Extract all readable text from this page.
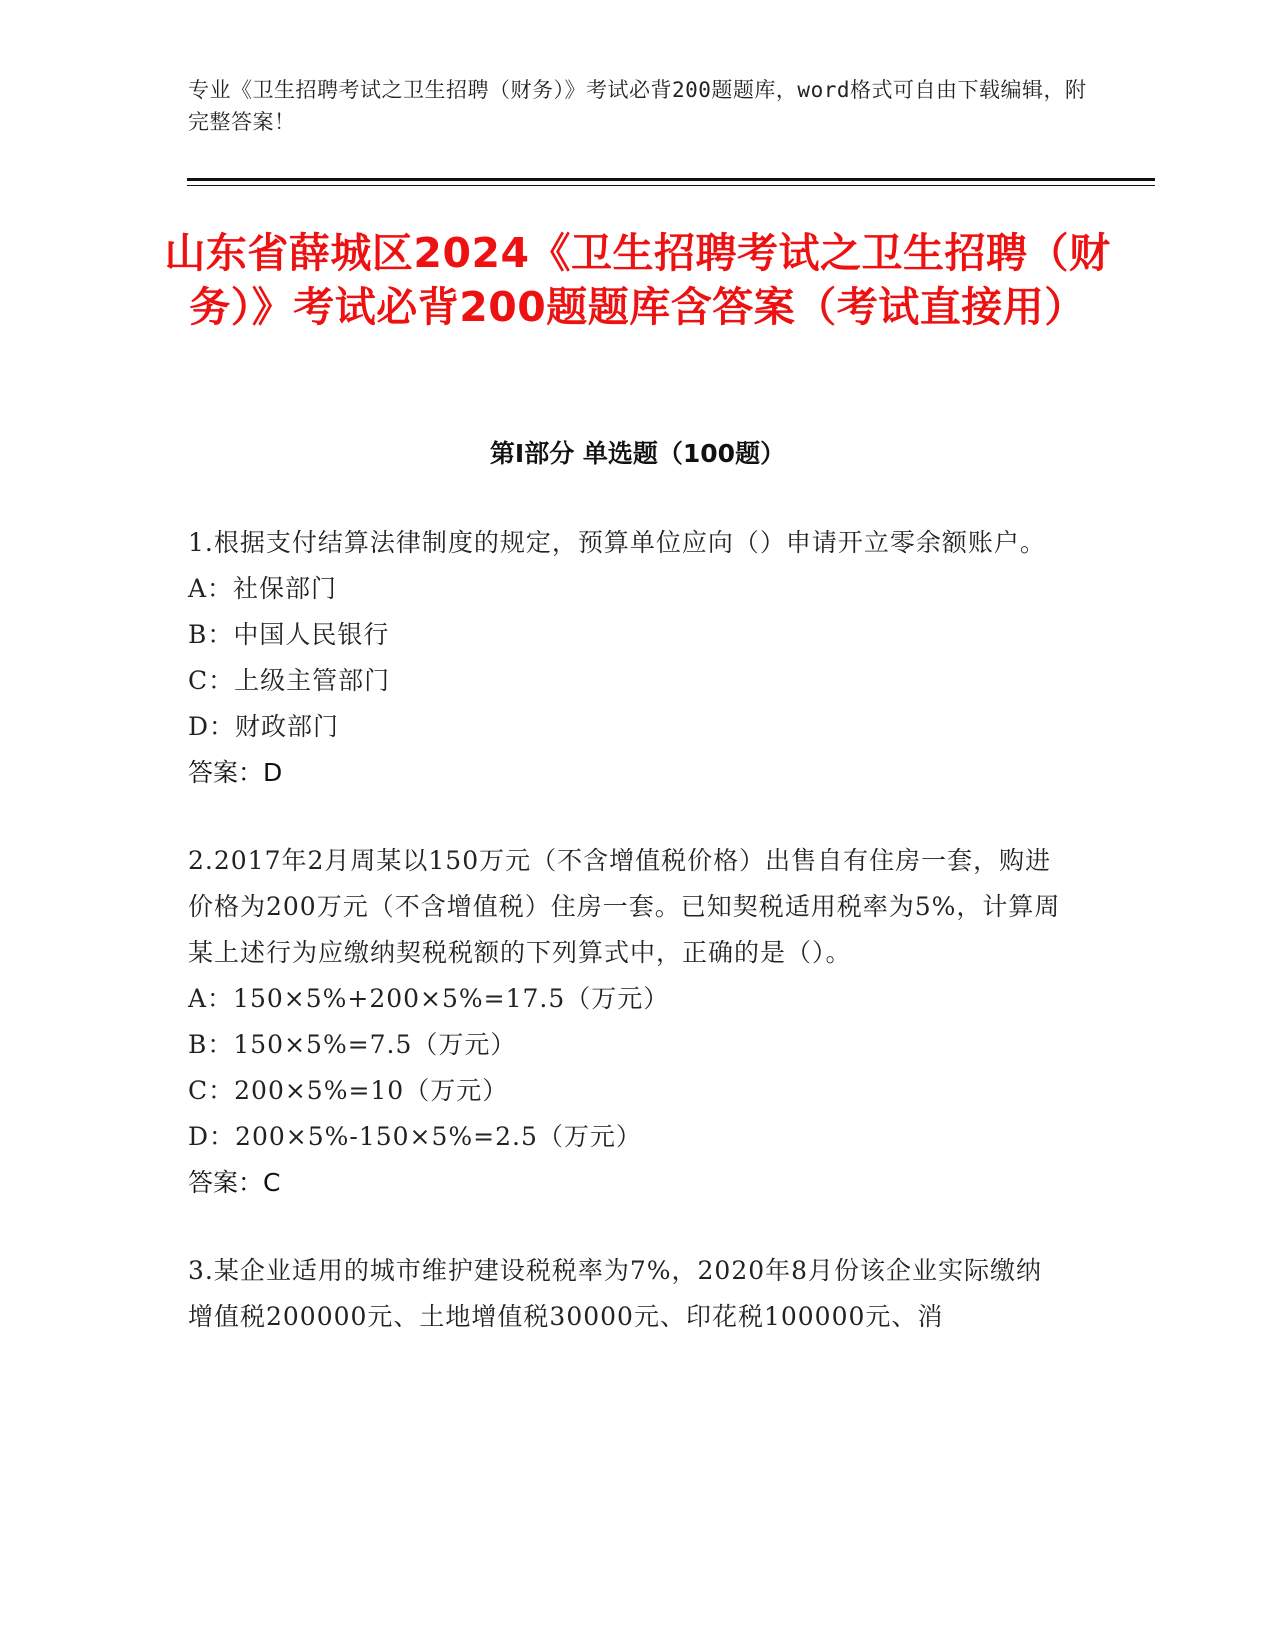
专业《卫生招聘考试之卫生招聘（财务）》考试必背200题题库，word格式可自由下载编辑，附完整答案！
山东省薛城区2024《卫生招聘考试之卫生招聘（财务）》考试必背200题题库含答案（考试直接用）
第Ⅰ部分 单选题（100题）

1.根据支付结算法律制度的规定，预算单位应向（）申请开立零余额账户。

A：社保部门

B：中国人民银行

C：上级主管部门

D：财政部门

答案：D

2.2017年2月周某以150万元（不含增值税价格）出售自有住房一套，购进价格为200万元（不含增值税）住房一套。已知契税适用税率为5%，计算周某上述行为应缴纳契税税额的下列算式中，正确的是（）。

A：150×5%+200×5%=17.5（万元）

B：150×5%=7.5（万元）

C：200×5%=10（万元）

D：200×5%-150×5%=2.5（万元）

答案：C

3.某企业适用的城市维护建设税税率为7%，2020年8月份该企业实际缴纳增值税200000元、土地增值税30000元、印花税100000元、消
